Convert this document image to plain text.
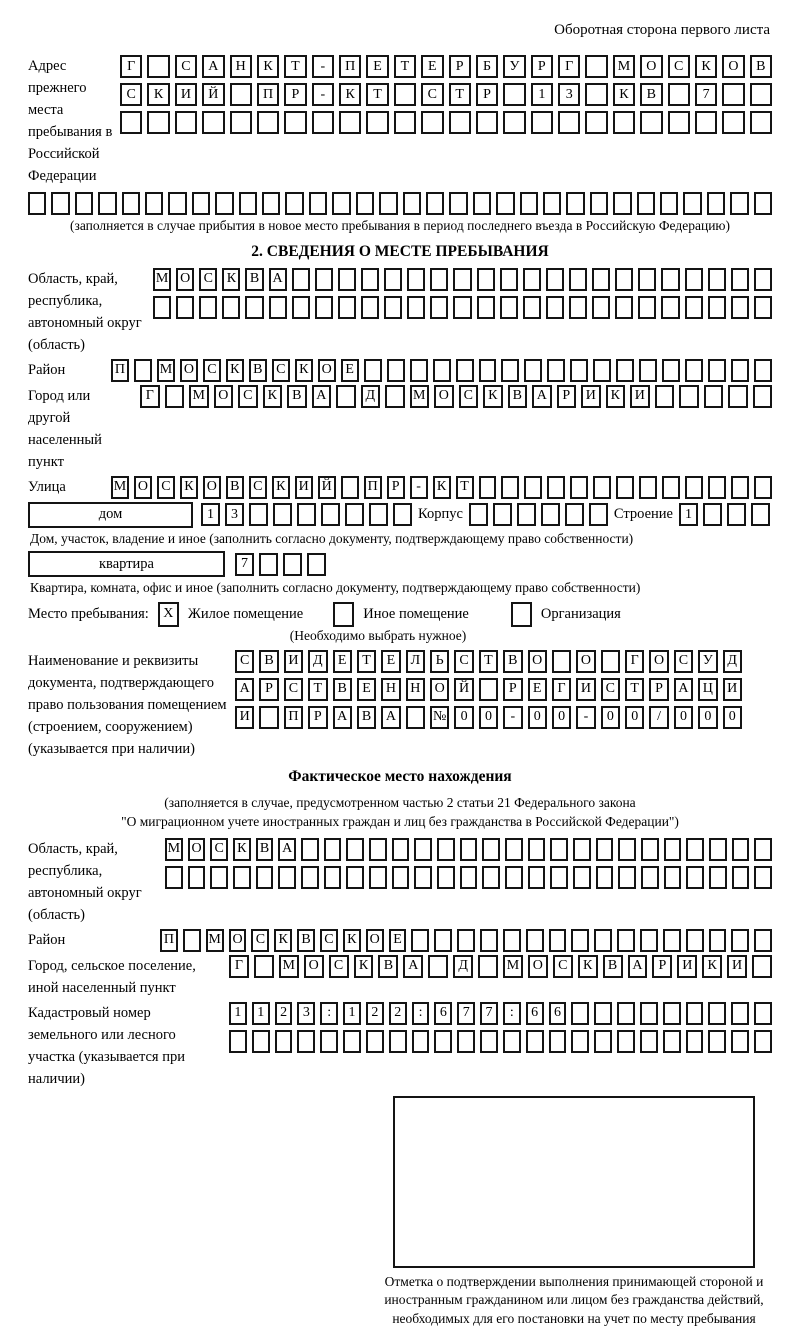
Оборотная сторона первого листа
Адрес прежнего места пребывания в Российской Федерации
Г	С	А	Н	К	Т	-	П	Е	Т	Е	Р	Б	У	Р	Г	М	О	С	К	О	В
С	К	И	Й	П	Р	-	К	Т	С	Т	Р	1	3	К	В	7
(заполняется в случае прибытия в новое место пребывания в период последнего въезда в Российскую Федерацию)
2. СВЕДЕНИЯ О МЕСТЕ ПРЕБЫВАНИЯ
Область, край, республика, автономный округ (область)
М О С К В А
Район	П М О С К В С К О Е
Город или другой населенный пункт
Г	М О	С	К	В	А	Д	М О	С	К	В	А	Р	И	К	И
Улица	М О С К О В С К И Й	П	Р	-	К	Т
дом	1	3	Корпус	Строение 1
Дом, участок, владение и иное (заполнить согласно документу, подтверждающему право собственности)
квартира	7
Квартира, комната, офис и иное (заполнить согласно документу, подтверждающему право собственности)
Место пребывания:	X Жилое помещение	Иное помещение	Организация
(Необходимо выбрать нужное)
Наименование и реквизиты документа, подтверждающего право пользования помещением (строением, сооружением) (указывается при наличии)
С	В	И	Д	Е	Т	Е	Л	Ь	С	Т	В	О	О	Г	О	С	У	Д
А	Р	С	Т	В	Е	Н	Н	О	Й	Р	Е	Г	И	С	Т	Р	А	Ц	И
И	П	Р	А	В	А	№	0	0	-	0	0	-	0	0	/	0	0	0
Фактическое место нахождения
(заполняется в случае, предусмотренном частью 2 статьи 21 Федерального закона
"О миграционном учете иностранных граждан и лиц без гражданства в Российской Федерации")
Область, край, республика, автономный округ (область)
М О С К В А
Район	П М О С К В С К О Е
Город, сельское поселение, иной населенный пункт
Г	М О	С	К	В	А	Д	М О	С	К	В	А	Р	И	К	И
Кадастровый номер земельного или лесного участка (указывается при наличии)
1	1	2	3	:	1	2	2	:	6	7	7	:	6	6
Отметка о подтверждении выполнения принимающей стороной и иностранным гражданином или лицом без гражданства действий, необходимых для его постановки на учет по месту пребывания
